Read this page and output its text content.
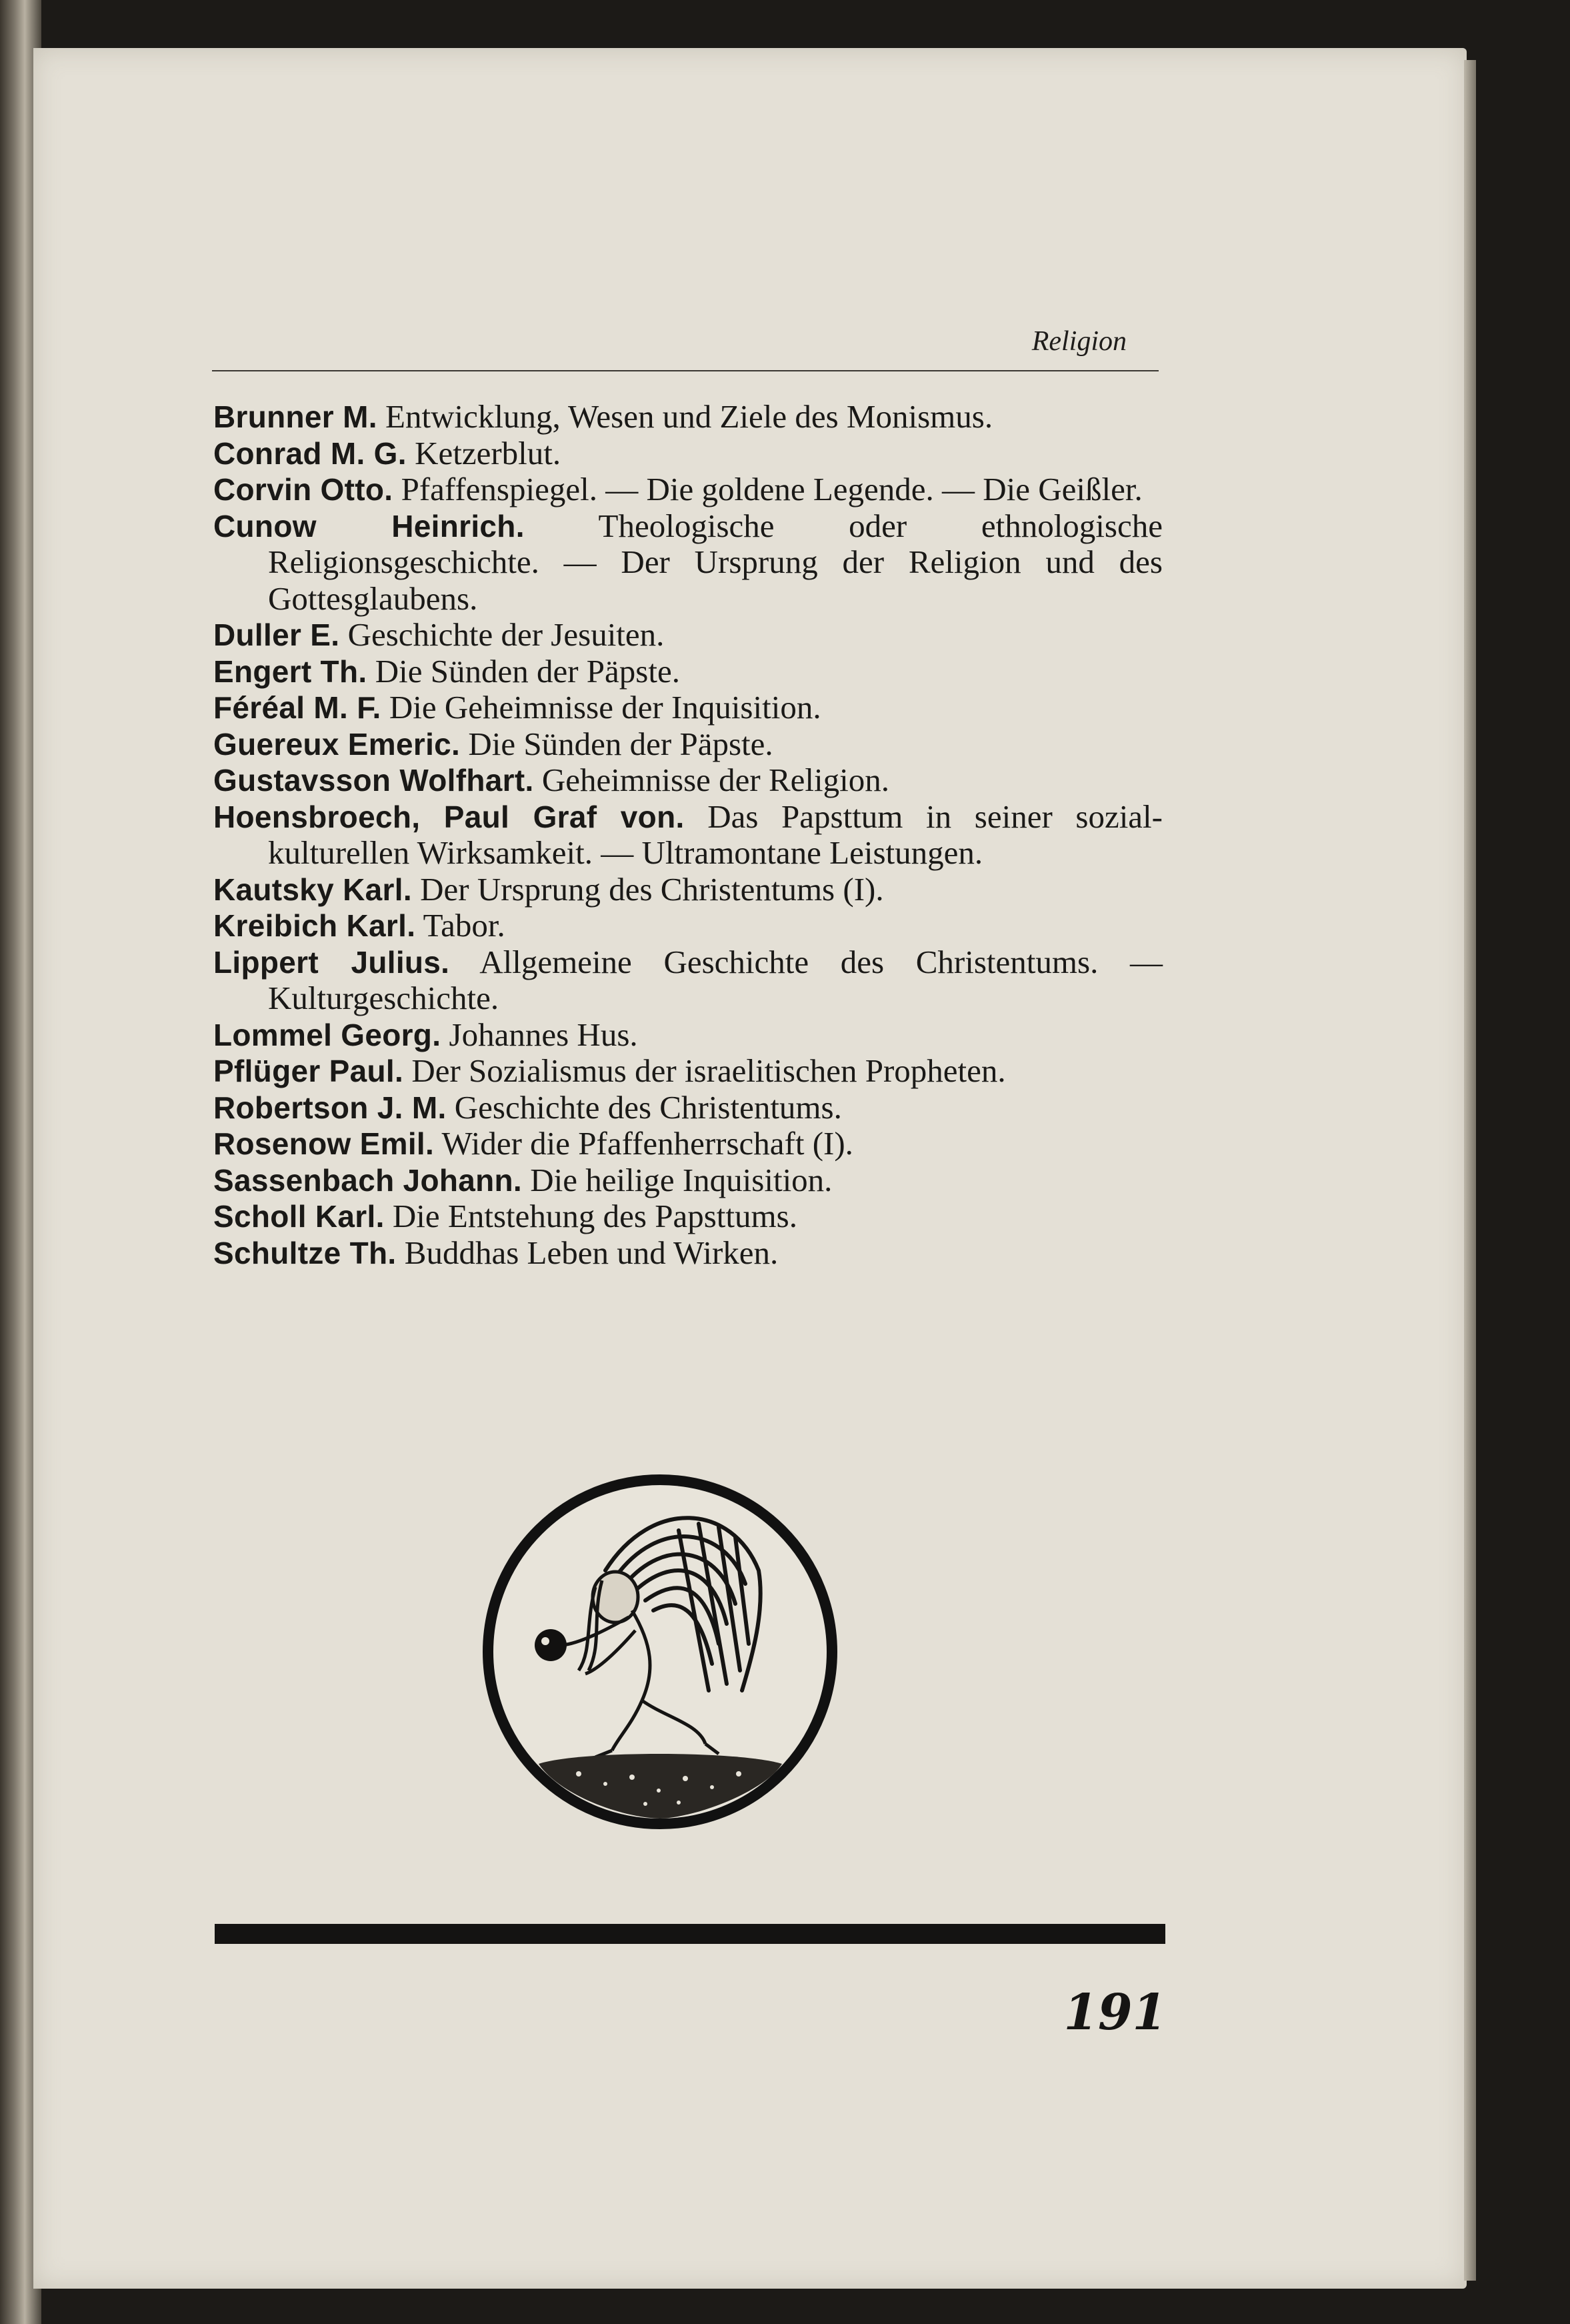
Religion
Brunner M. Entwicklung, Wesen und Ziele des Monismus.
Conrad M. G. Ketzerblut.
Corvin Otto. Pfaffenspiegel. — Die goldene Legende. — Die Geißler.
Cunow Heinrich. Theologische oder ethnologische Religionsgeschichte. — Der Ursprung der Religion und des Gottesglaubens.
Duller E. Geschichte der Jesuiten.
Engert Th. Die Sünden der Päpste.
Féréal M. F. Die Geheimnisse der Inquisition.
Guereux Emeric. Die Sünden der Päpste.
Gustavsson Wolfhart. Geheimnisse der Religion.
Hoensbroech, Paul Graf von. Das Papsttum in seiner sozial-kulturellen Wirksamkeit. — Ultramontane Leistungen.
Kautsky Karl. Der Ursprung des Christentums (I).
Kreibich Karl. Tabor.
Lippert Julius. Allgemeine Geschichte des Christentums. — Kulturgeschichte.
Lommel Georg. Johannes Hus.
Pflüger Paul. Der Sozialismus der israelitischen Propheten.
Robertson J. M. Geschichte des Christentums.
Rosenow Emil. Wider die Pfaffenherrschaft (I).
Sassenbach Johann. Die heilige Inquisition.
Scholl Karl. Die Entstehung des Papsttums.
Schultze Th. Buddhas Leben und Wirken.
191
